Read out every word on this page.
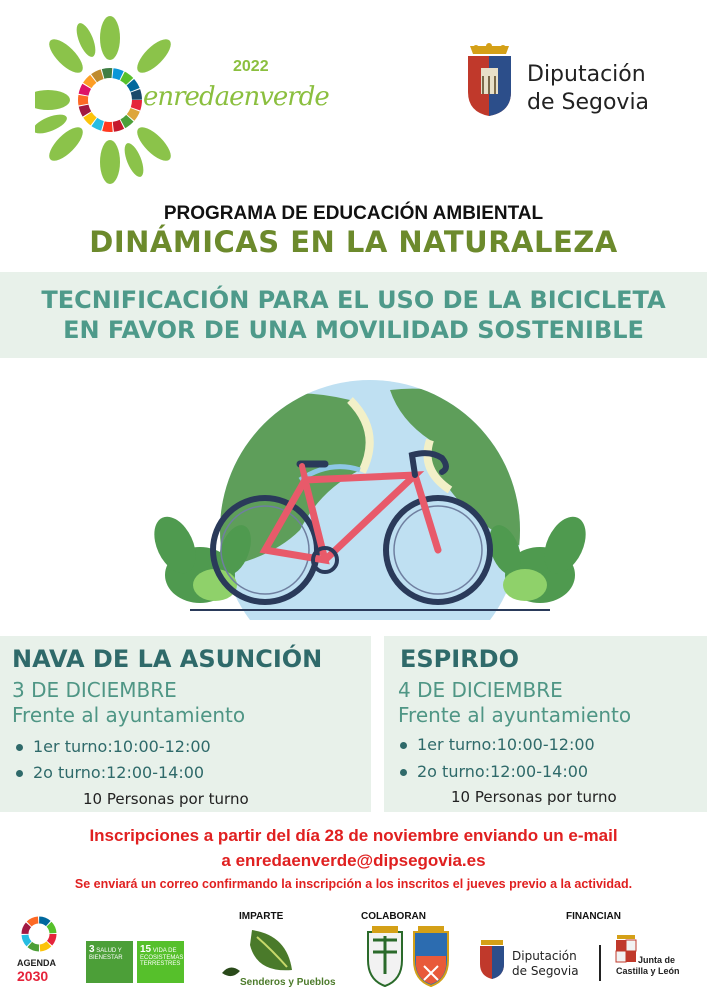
2022
enredaenverde
Diputación
de Segovia
PROGRAMA DE EDUCACIÓN AMBIENTAL
DINÁMICAS EN LA NATURALEZA
TECNIFICACIÓN PARA EL USO DE LA BICICLETA
EN FAVOR DE UNA MOVILIDAD SOSTENIBLE
NAVA DE LA ASUNCIÓN
3 DE DICIEMBRE
Frente al ayuntamiento
1er turno:10:00-12:00
2o turno:12:00-14:00
10 Personas por turno
ESPIRDO
4 DE DICIEMBRE
Frente al ayuntamiento
1er turno:10:00-12:00
2o turno:12:00-14:00
10 Personas por turno
Inscripciones a partir del día 28 de noviembre enviando un e-mail
a enredaenverde@dipsegovia.es
Se enviará un correo confirmando la inscripción a los inscritos el jueves previo a la actividad.
AGENDA
2030
3 SALUD Y BIENESTAR
15 VIDA DE ECOSISTEMAS TERRESTRES
IMPARTE
Senderos y Pueblos
COLABORAN	FINANCIAN
Diputación
de Segovia
Junta de
Castilla y León
